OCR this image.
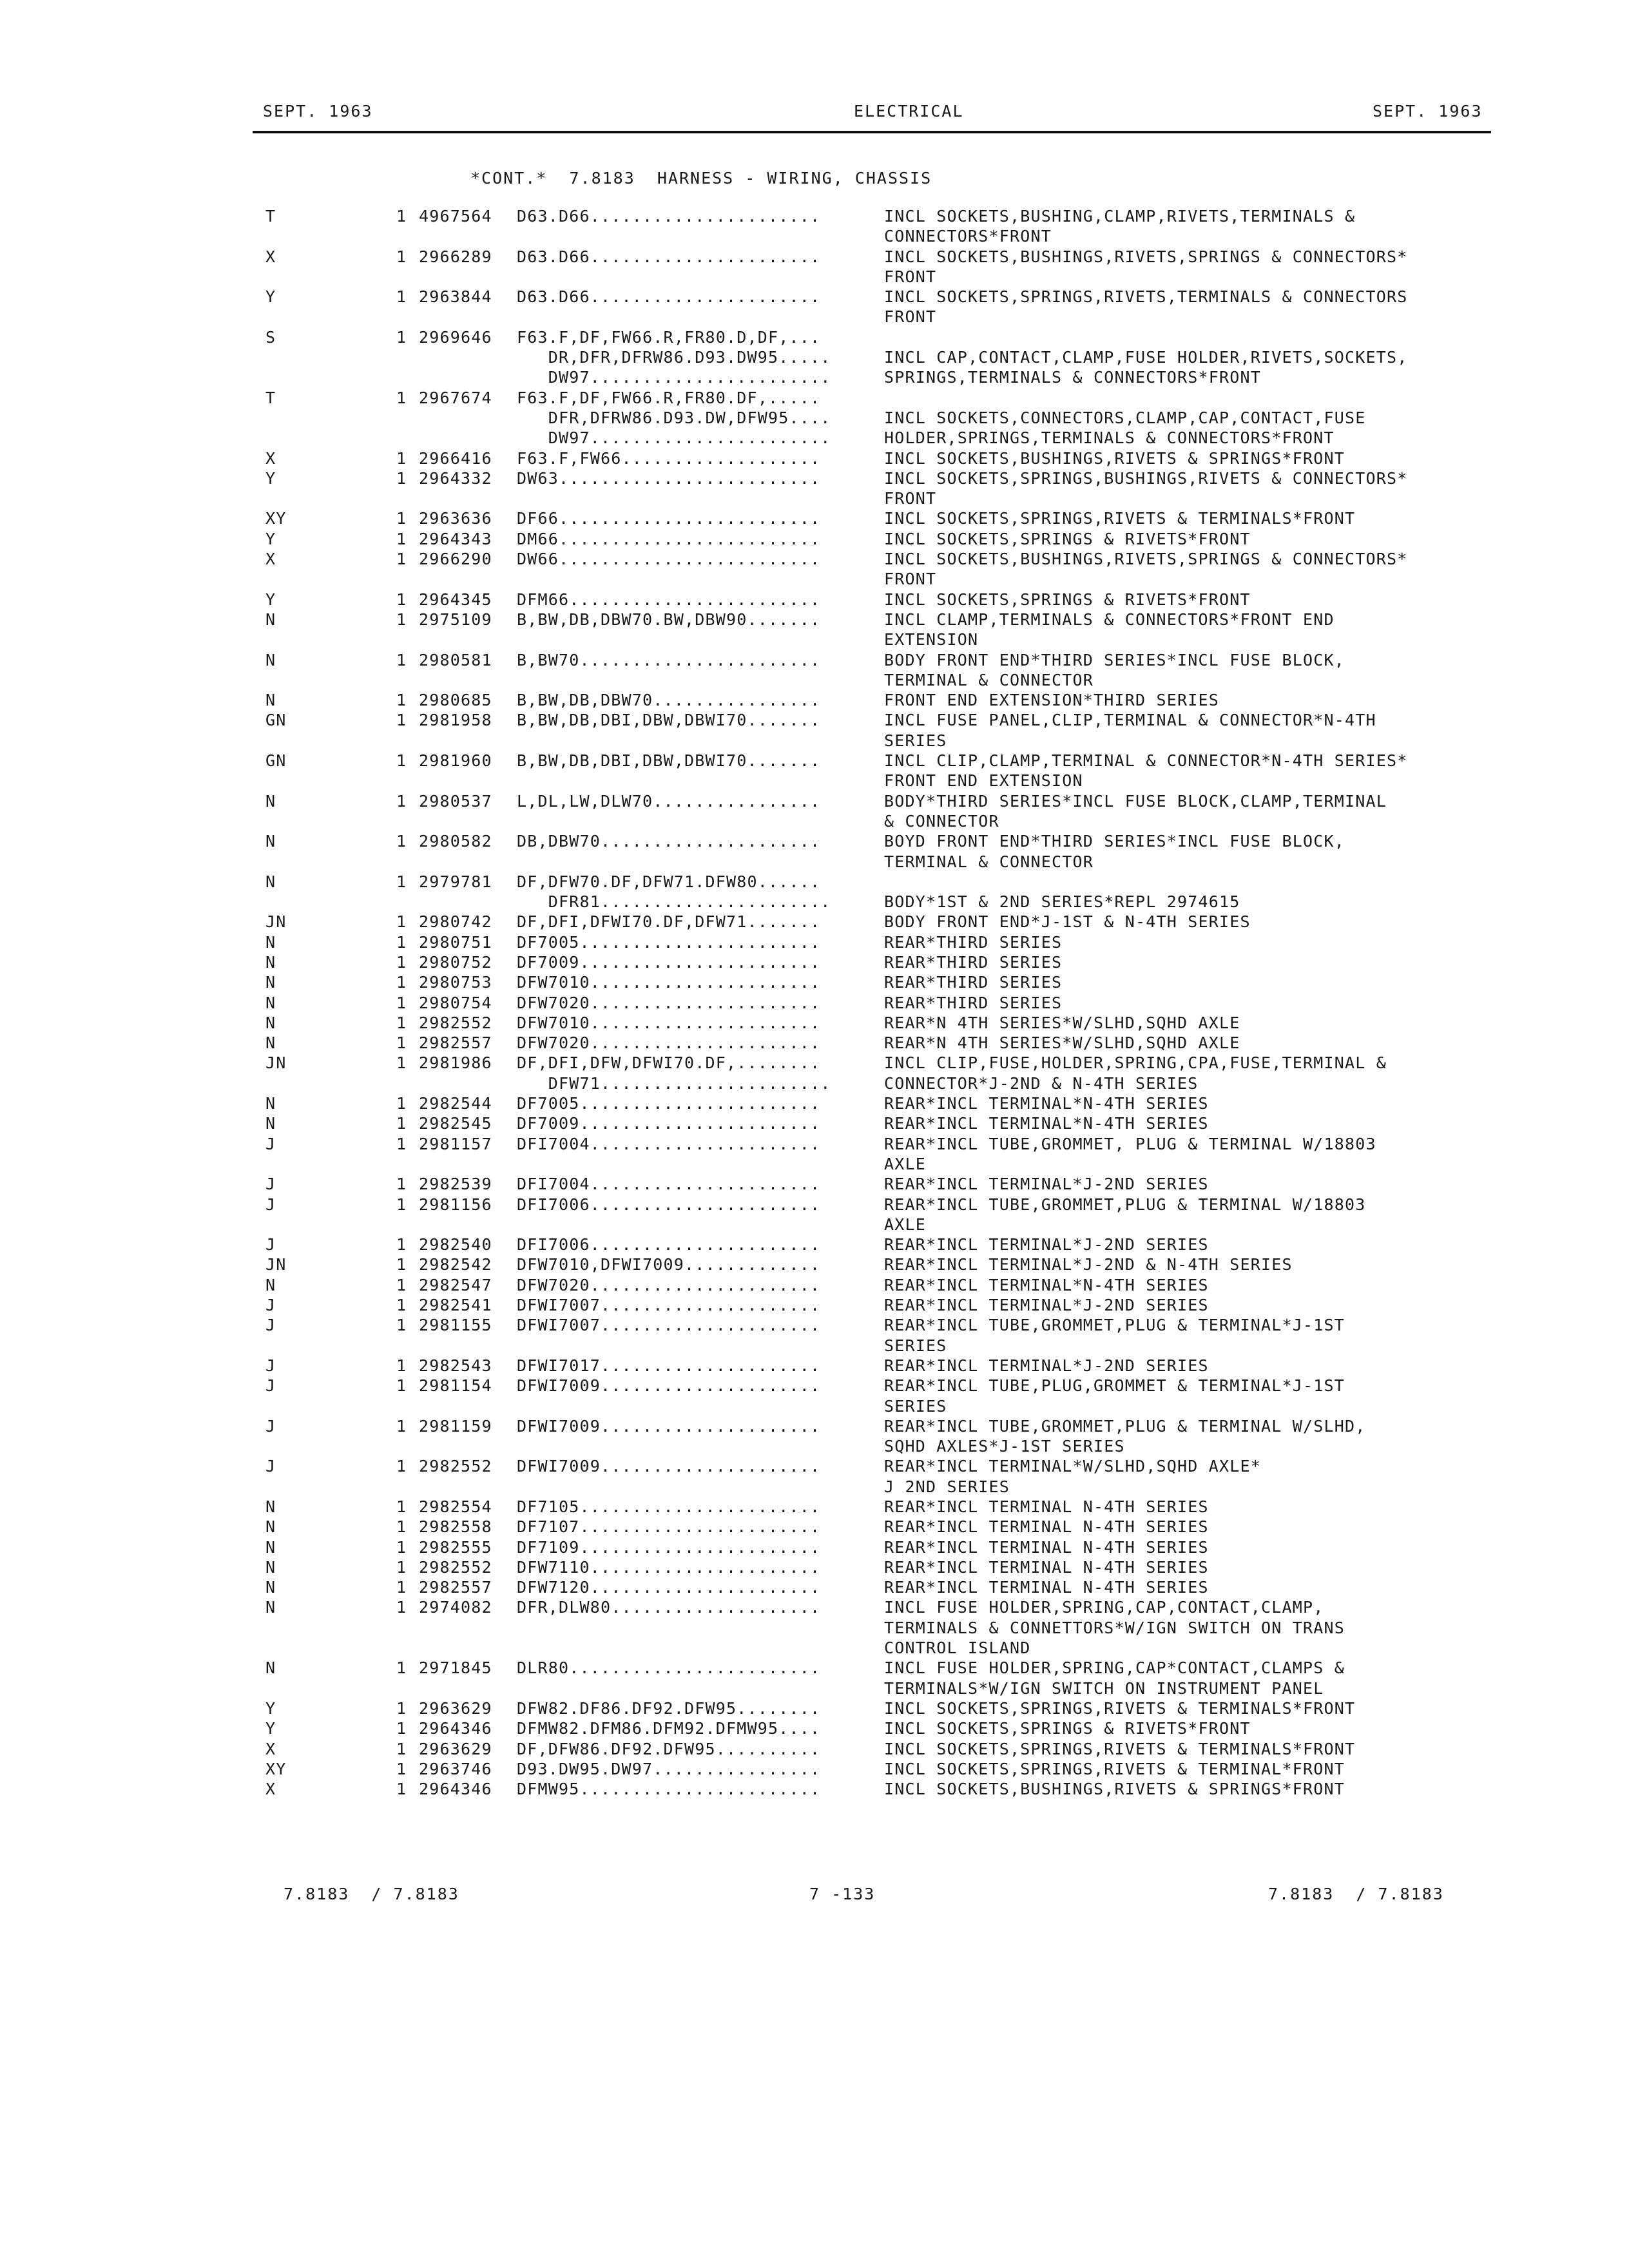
SEPT. 1963	ELECTRICAL	SEPT. 1963
*CONT.*  7.8183  HARNESS - WIRING, CHASSIS
T	1 4967564 D63.D66......................	INCL SOCKETS,BUSHING,CLAMP,RIVETS,TERMINALS &
CONNECTORS*FRONT
X	1 2966289 D63.D66......................	INCL SOCKETS,BUSHINGS,RIVETS,SPRINGS & CONNECTORS*
FRONT
Y	1 2963844 D63.D66......................	INCL SOCKETS,SPRINGS,RIVETS,TERMINALS & CONNECTORS
FRONT
S	1 2969646 F63.F,DF,FW66.R,FR80.D,DF,...
DR,DFR,DFRW86.D93.DW95.....	INCL CAP,CONTACT,CLAMP,FUSE HOLDER,RIVETS,SOCKETS,
DW97.......................	SPRINGS,TERMINALS & CONNECTORS*FRONT
T	1 2967674 F63.F,DF,FW66.R,FR80.DF,.....
DFR,DFRW86.D93.DW,DFW95....	INCL SOCKETS,CONNECTORS,CLAMP,CAP,CONTACT,FUSE
DW97.......................	HOLDER,SPRINGS,TERMINALS & CONNECTORS*FRONT
X	1 2966416 F63.F,FW66...................	INCL SOCKETS,BUSHINGS,RIVETS & SPRINGS*FRONT
Y	1 2964332 DW63.........................	INCL SOCKETS,SPRINGS,BUSHINGS,RIVETS & CONNECTORS*
FRONT
XY	1 2963636 DF66.........................	INCL SOCKETS,SPRINGS,RIVETS & TERMINALS*FRONT
Y	1 2964343 DM66.........................	INCL SOCKETS,SPRINGS & RIVETS*FRONT
X	1 2966290 DW66.........................	INCL SOCKETS,BUSHINGS,RIVETS,SPRINGS & CONNECTORS*
FRONT
Y	1 2964345 DFM66........................	INCL SOCKETS,SPRINGS & RIVETS*FRONT
N	1 2975109 B,BW,DB,DBW70.BW,DBW90.......	INCL CLAMP,TERMINALS & CONNECTORS*FRONT END
EXTENSION
N	1 2980581 B,BW70.......................	BODY FRONT END*THIRD SERIES*INCL FUSE BLOCK,
TERMINAL & CONNECTOR
N	1 2980685 B,BW,DB,DBW70................	FRONT END EXTENSION*THIRD SERIES
GN	1 2981958 B,BW,DB,DBI,DBW,DBWI70.......	INCL FUSE PANEL,CLIP,TERMINAL & CONNECTOR*N-4TH
SERIES
GN	1 2981960 B,BW,DB,DBI,DBW,DBWI70.......	INCL CLIP,CLAMP,TERMINAL & CONNECTOR*N-4TH SERIES*
FRONT END EXTENSION
N	1 2980537 L,DL,LW,DLW70................	BODY*THIRD SERIES*INCL FUSE BLOCK,CLAMP,TERMINAL
& CONNECTOR
N	1 2980582 DB,DBW70.....................	BOYD FRONT END*THIRD SERIES*INCL FUSE BLOCK,
TERMINAL & CONNECTOR
N	1 2979781 DF,DFW70.DF,DFW71.DFW80......
DFR81......................	BODY*1ST & 2ND SERIES*REPL 2974615
JN	1 2980742 DF,DFI,DFWI70.DF,DFW71.......	BODY FRONT END*J-1ST & N-4TH SERIES
N	1 2980751 DF7005.......................	REAR*THIRD SERIES
N	1 2980752 DF7009.......................	REAR*THIRD SERIES
N	1 2980753 DFW7010......................	REAR*THIRD SERIES
N	1 2980754 DFW7020......................	REAR*THIRD SERIES
N	1 2982552 DFW7010......................	REAR*N 4TH SERIES*W/SLHD,SQHD AXLE
N	1 2982557 DFW7020......................	REAR*N 4TH SERIES*W/SLHD,SQHD AXLE
JN	1 2981986 DF,DFI,DFW,DFWI70.DF,........	INCL CLIP,FUSE,HOLDER,SPRING,CPA,FUSE,TERMINAL &
DFW71......................	CONNECTOR*J-2ND & N-4TH SERIES
N	1 2982544 DF7005.......................	REAR*INCL TERMINAL*N-4TH SERIES
N	1 2982545 DF7009.......................	REAR*INCL TERMINAL*N-4TH SERIES
J	1 2981157 DFI7004......................	REAR*INCL TUBE,GROMMET, PLUG & TERMINAL W/18803
AXLE
J	1 2982539 DFI7004......................	REAR*INCL TERMINAL*J-2ND SERIES
J	1 2981156 DFI7006......................	REAR*INCL TUBE,GROMMET,PLUG & TERMINAL W/18803
AXLE
J	1 2982540 DFI7006......................	REAR*INCL TERMINAL*J-2ND SERIES
JN	1 2982542 DFW7010,DFWI7009.............	REAR*INCL TERMINAL*J-2ND & N-4TH SERIES
N	1 2982547 DFW7020......................	REAR*INCL TERMINAL*N-4TH SERIES
J	1 2982541 DFWI7007.....................	REAR*INCL TERMINAL*J-2ND SERIES
J	1 2981155 DFWI7007.....................	REAR*INCL TUBE,GROMMET,PLUG & TERMINAL*J-1ST
SERIES
J	1 2982543 DFWI7017.....................	REAR*INCL TERMINAL*J-2ND SERIES
J	1 2981154 DFWI7009.....................	REAR*INCL TUBE,PLUG,GROMMET & TERMINAL*J-1ST
SERIES
J	1 2981159 DFWI7009.....................	REAR*INCL TUBE,GROMMET,PLUG & TERMINAL W/SLHD,
SQHD AXLES*J-1ST SERIES
J	1 2982552 DFWI7009.....................	REAR*INCL TERMINAL*W/SLHD,SQHD AXLE*
J 2ND SERIES
N	1 2982554 DF7105.......................	REAR*INCL TERMINAL N-4TH SERIES
N	1 2982558 DF7107.......................	REAR*INCL TERMINAL N-4TH SERIES
N	1 2982555 DF7109.......................	REAR*INCL TERMINAL N-4TH SERIES
N	1 2982552 DFW7110......................	REAR*INCL TERMINAL N-4TH SERIES
N	1 2982557 DFW7120......................	REAR*INCL TERMINAL N-4TH SERIES
N	1 2974082 DFR,DLW80....................	INCL FUSE HOLDER,SPRING,CAP,CONTACT,CLAMP,
TERMINALS & CONNETTORS*W/IGN SWITCH ON TRANS
CONTROL ISLAND
N	1 2971845 DLR80........................	INCL FUSE HOLDER,SPRING,CAP*CONTACT,CLAMPS &
TERMINALS*W/IGN SWITCH ON INSTRUMENT PANEL
Y	1 2963629 DFW82.DF86.DF92.DFW95........	INCL SOCKETS,SPRINGS,RIVETS & TERMINALS*FRONT
Y	1 2964346 DFMW82.DFM86.DFM92.DFMW95....	INCL SOCKETS,SPRINGS & RIVETS*FRONT
X	1 2963629 DF,DFW86.DF92.DFW95..........	INCL SOCKETS,SPRINGS,RIVETS & TERMINALS*FRONT
XY	1 2963746 D93.DW95.DW97................	INCL SOCKETS,SPRINGS,RIVETS & TERMINAL*FRONT
X	1 2964346 DFMW95.......................	INCL SOCKETS,BUSHINGS,RIVETS & SPRINGS*FRONT
7.8183  / 7.8183	7 -133	7.8183  / 7.8183
